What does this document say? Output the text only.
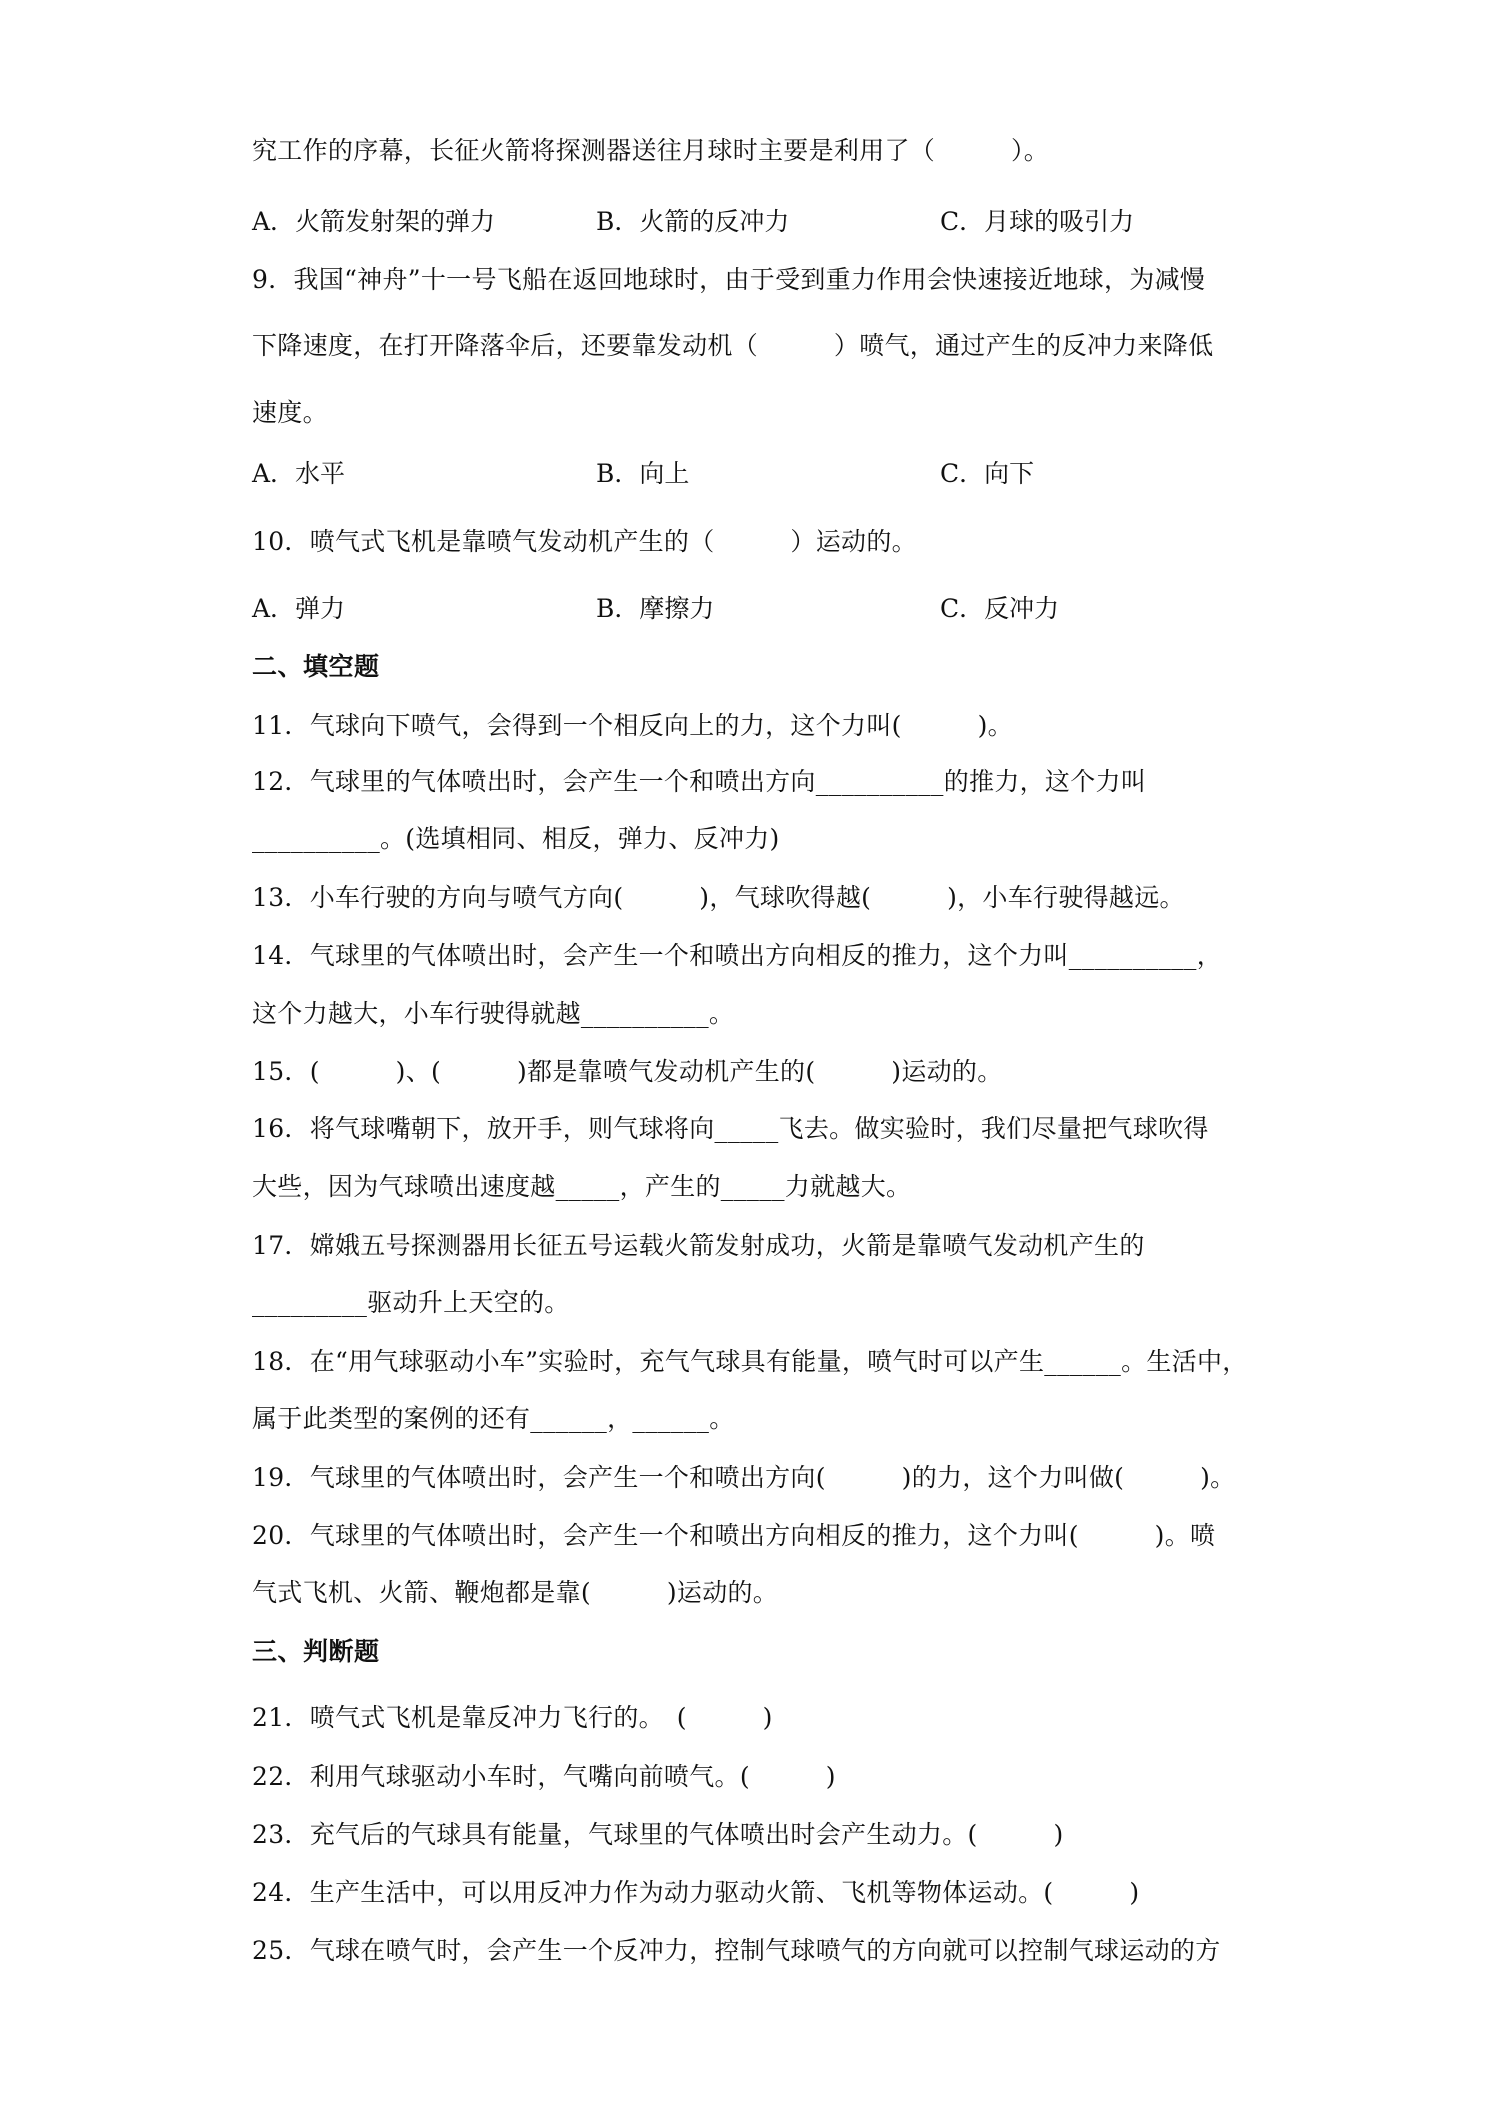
究工作的序幕，长征火箭将探测器送往月球时主要是利用了（　　　）。

A．火箭发射架的弹力	B．火箭的反冲力	C．月球的吸引力

9．我国“神舟”十一号飞船在返回地球时，由于受到重力作用会快速接近地球，为减慢

下降速度，在打开降落伞后，还要靠发动机（　　　）喷气，通过产生的反冲力来降低

速度。

A．水平	B．向上	C．向下

10．喷气式飞机是靠喷气发动机产生的（　　　）运动的。

A．弹力	B．摩擦力	C．反冲力

二、填空题

11．气球向下喷气，会得到一个相反向上的力，这个力叫(　　　)。

12．气球里的气体喷出时，会产生一个和喷出方向__________的推力，这个力叫

__________。(选填相同、相反，弹力、反冲力)

13．小车行驶的方向与喷气方向(　　　)，气球吹得越(　　　)，小车行驶得越远。

14．气球里的气体喷出时，会产生一个和喷出方向相反的推力，这个力叫__________，

这个力越大，小车行驶得就越__________。

15．(　　　)、(　　　)都是靠喷气发动机产生的(　　　)运动的。

16．将气球嘴朝下，放开手，则气球将向_____飞去。做实验时，我们尽量把气球吹得

大些，因为气球喷出速度越_____，产生的_____力就越大。

17．嫦娥五号探测器用长征五号运载火箭发射成功，火箭是靠喷气发动机产生的

_________驱动升上天空的。

18．在“用气球驱动小车”实验时，充气气球具有能量，喷气时可以产生______。生活中，

属于此类型的案例的还有______，______。

19．气球里的气体喷出时，会产生一个和喷出方向(　　　)的力，这个力叫做(　　　)。

20．气球里的气体喷出时，会产生一个和喷出方向相反的推力，这个力叫(　　　)。喷

气式飞机、火箭、鞭炮都是靠(　　　)运动的。

三、判断题

21．喷气式飞机是靠反冲力飞行的。　(　　　)

22．利用气球驱动小车时，气嘴向前喷气。(　　　)

23．充气后的气球具有能量，气球里的气体喷出时会产生动力。(　　　)

24．生产生活中，可以用反冲力作为动力驱动火箭、飞机等物体运动。(　　　)

25．气球在喷气时，会产生一个反冲力，控制气球喷气的方向就可以控制气球运动的方
